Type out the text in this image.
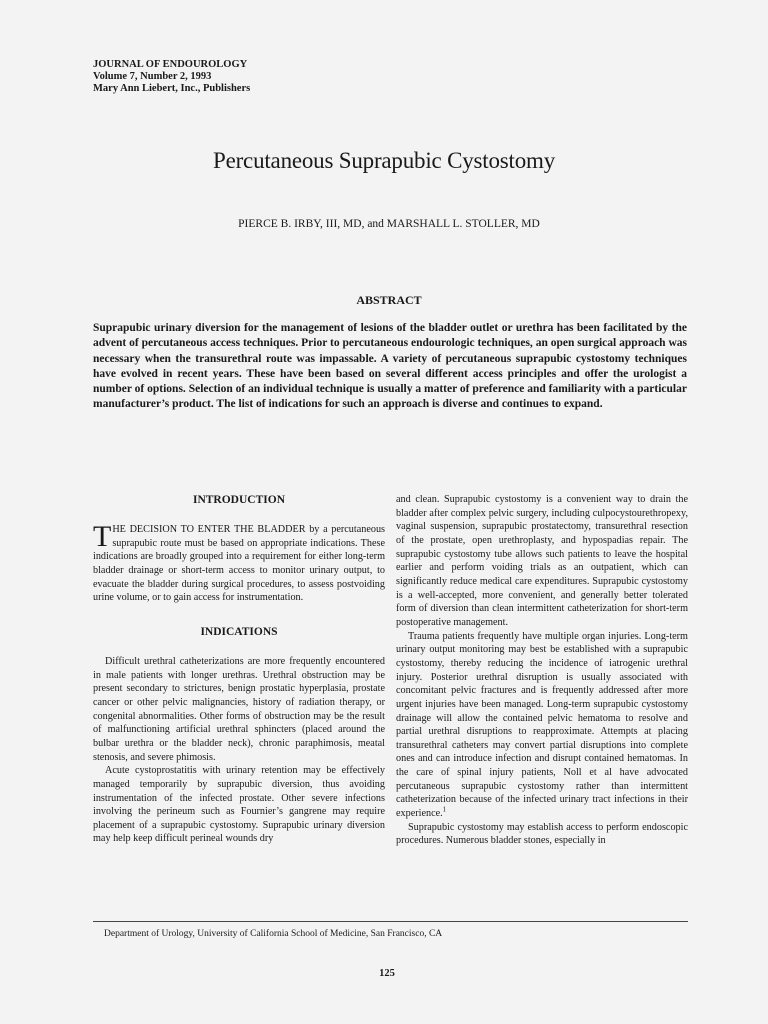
JOURNAL OF ENDOUROLOGY
Volume 7, Number 2, 1993
Mary Ann Liebert, Inc., Publishers
Percutaneous Suprapubic Cystostomy
PIERCE B. IRBY, III, MD, and MARSHALL L. STOLLER, MD
ABSTRACT
Suprapubic urinary diversion for the management of lesions of the bladder outlet or urethra has been facilitated by the advent of percutaneous access techniques. Prior to percutaneous endourologic techniques, an open surgical approach was necessary when the transurethral route was impassable. A variety of percutaneous suprapubic cystostomy techniques have evolved in recent years. These have been based on several different access principles and offer the urologist a number of options. Selection of an individual technique is usually a matter of preference and familiarity with a particular manufacturer’s product. The list of indications for such an approach is diverse and continues to expand.
INTRODUCTION

THE DECISION TO ENTER THE BLADDER by a percutaneous suprapubic route must be based on appropriate indications. These indications are broadly grouped into a requirement for either long-term bladder drainage or short-term access to monitor urinary output, to evacuate the bladder during surgical procedures, to assess postvoiding urine volume, or to gain access for instrumentation.

INDICATIONS

Difficult urethral catheterizations are more frequently encountered in male patients with longer urethras. Urethral obstruction may be present secondary to strictures, benign prostatic hyperplasia, prostate cancer or other pelvic malignancies, history of radiation therapy, or congenital abnormalities. Other forms of obstruction may be the result of malfunctioning artificial urethral sphincters (placed around the bulbar urethra or the bladder neck), chronic paraphimosis, meatal stenosis, and severe phimosis.

Acute cystoprostatitis with urinary retention may be effectively managed temporarily by suprapubic diversion, thus avoiding instrumentation of the infected prostate. Other severe infections involving the perineum such as Fournier’s gangrene may require placement of a suprapubic cystostomy. Suprapubic urinary diversion may help keep difficult perineal wounds dry

and clean. Suprapubic cystostomy is a convenient way to drain the bladder after complex pelvic surgery, including culpocystourethropexy, vaginal suspension, suprapubic prostatectomy, transurethral resection of the prostate, open urethroplasty, and hypospadias repair. The suprapubic cystostomy tube allows such patients to leave the hospital earlier and perform voiding trials as an outpatient, which can significantly reduce medical care expenditures. Suprapubic cystostomy is a well-accepted, more convenient, and generally better tolerated form of diversion than clean intermittent catheterization for short-term postoperative management.

Trauma patients frequently have multiple organ injuries. Long-term urinary output monitoring may best be established with a suprapubic cystostomy, thereby reducing the incidence of iatrogenic urethral injury. Posterior urethral disruption is usually associated with concomitant pelvic fractures and is frequently addressed after more urgent injuries have been managed. Long-term suprapubic cystostomy drainage will allow the contained pelvic hematoma to resolve and partial urethral disruptions to reapproximate. Attempts at placing transurethral catheters may convert partial disruptions into complete ones and can introduce infection and disrupt contained hematomas. In the care of spinal injury patients, Noll et al have advocated percutaneous suprapubic cystostomy rather than intermittent catheterization because of the infected urinary tract infections in their experience.$^1$

Suprapubic cystostomy may establish access to perform endoscopic procedures. Numerous bladder stones, especially in

Department of Urology, University of California School of Medicine, San Francisco, CA
125
